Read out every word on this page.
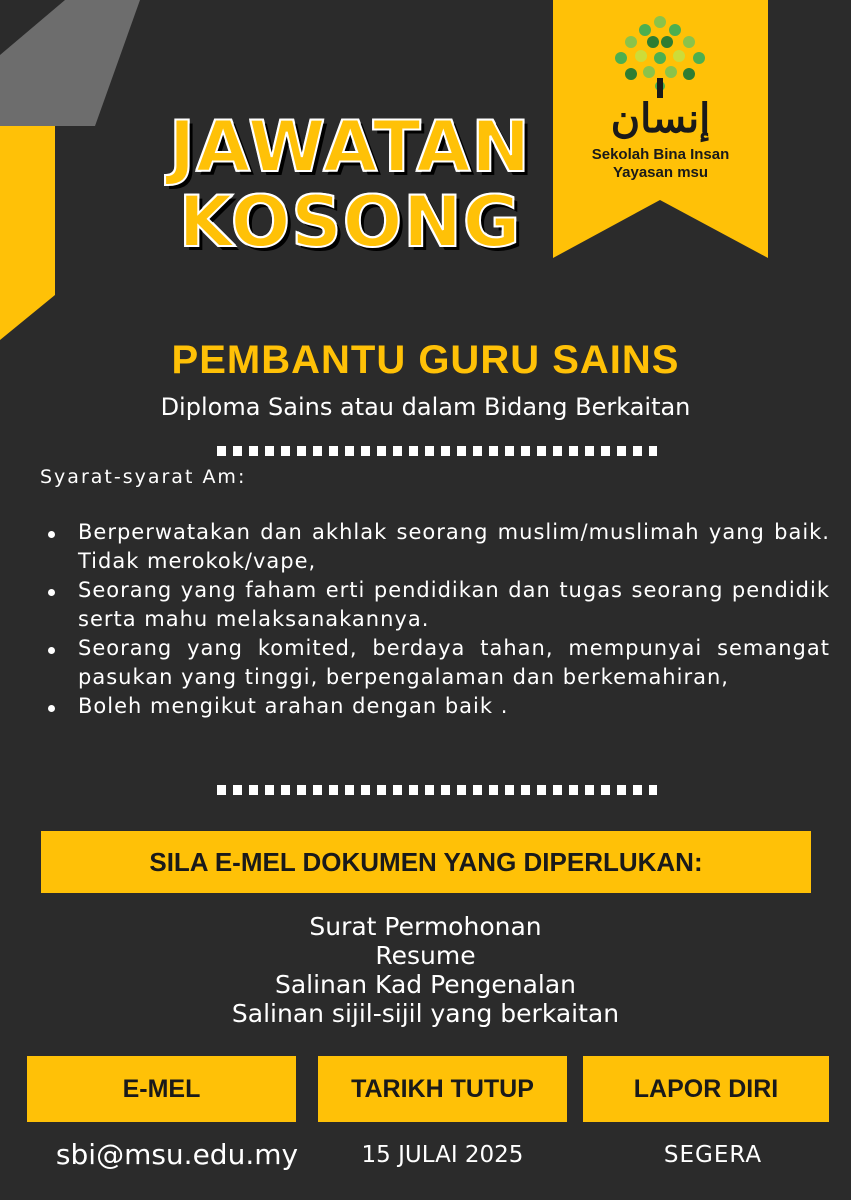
JAWATAN
KOSONG
إنسان
Sekolah Bina Insan
Yayasan msu
PEMBANTU GURU SAINS
Diploma Sains atau dalam Bidang Berkaitan
Syarat-syarat Am:
Berperwatakan dan akhlak seorang muslim/muslimah yang baik. Tidak merokok/vape,
Seorang yang faham erti pendidikan dan tugas seorang pendidik serta mahu melaksanakannya.
Seorang yang komited, berdaya tahan, mempunyai semangat pasukan yang tinggi, berpengalaman dan berkemahiran,
Boleh mengikut arahan dengan baik .
SILA E-MEL DOKUMEN YANG DIPERLUKAN:
Surat Permohonan
Resume
Salinan Kad Pengenalan
Salinan sijil-sijil yang berkaitan
E-MEL	TARIKH TUTUP	LAPOR DIRI
sbi@msu.edu.my	15 JULAI 2025	SEGERA
